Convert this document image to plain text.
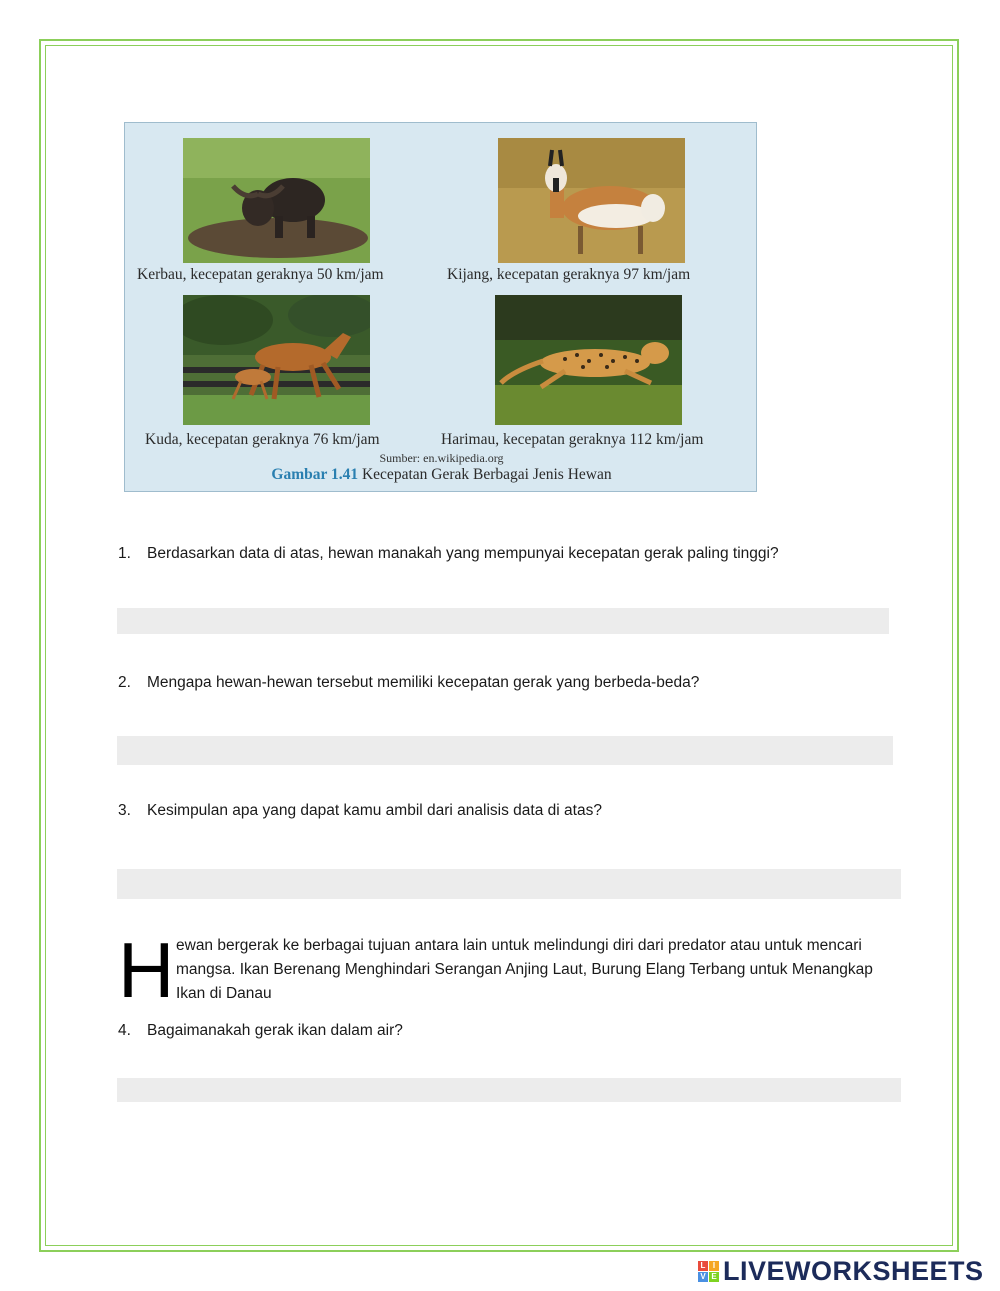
Kerbau, kecepatan geraknya 50 km/jam	Kijang, kecepatan geraknya 97 km/jam
Kuda, kecepatan geraknya 76 km/jam	Harimau, kecepatan geraknya 112 km/jam
Sumber: en.wikipedia.org
Gambar 1.41 Kecepatan Gerak Berbagai Jenis Hewan
1. Berdasarkan data di atas, hewan manakah yang mempunyai kecepatan gerak paling tinggi?
2. Mengapa hewan-hewan tersebut memiliki kecepatan gerak yang berbeda-beda?
3. Kesimpulan apa yang dapat kamu ambil dari analisis data di atas?
H ewan bergerak ke berbagai tujuan antara lain untuk melindungi diri dari predator atau untuk mencari mangsa. Ikan Berenang Menghindari Serangan Anjing Laut, Burung Elang Terbang untuk Menangkap Ikan di Danau
4. Bagaimanakah gerak ikan dalam air?
L I
V E LIVEWORKSHEETS
